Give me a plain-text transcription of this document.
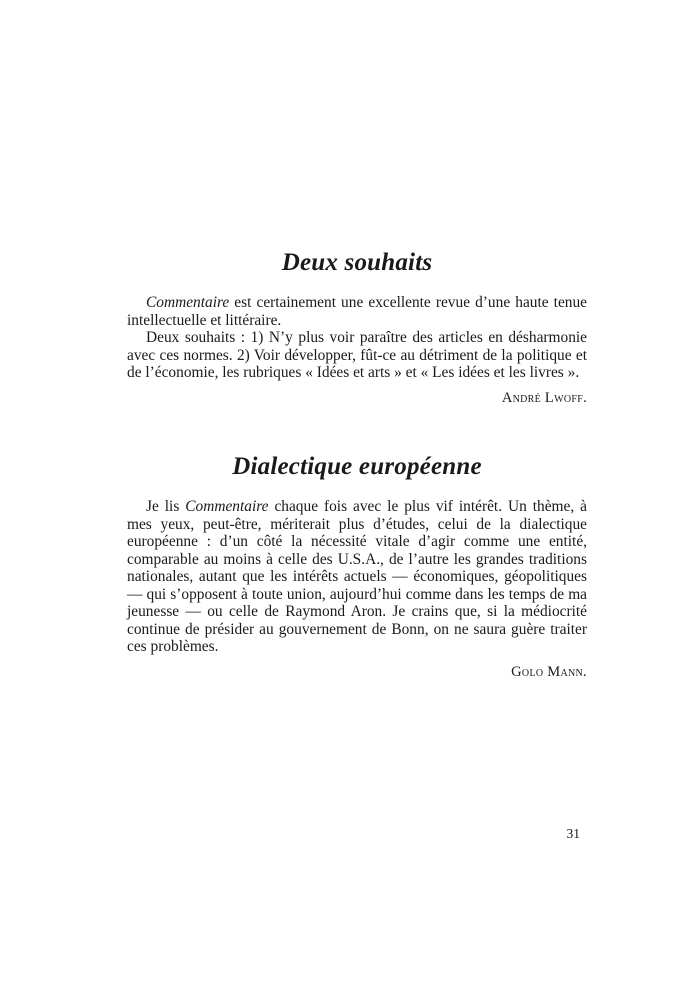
Deux souhaits

Commentaire est certainement une excellente revue d’une haute tenue intellectuelle et littéraire.

Deux souhaits : 1) N’y plus voir paraître des articles en désharmonie avec ces normes. 2) Voir développer, fût-ce au détriment de la politique et de l’économie, les rubriques « Idées et arts » et « Les idées et les livres ».

André Lwoff.
Dialectique européenne

Je lis Commentaire chaque fois avec le plus vif intérêt. Un thème, à mes yeux, peut-être, mériterait plus d’études, celui de la dialectique européenne : d’un côté la nécessité vitale d’agir comme une entité, comparable au moins à celle des U.S.A., de l’autre les grandes traditions nationales, autant que les intérêts actuels — économiques, géopolitiques — qui s’opposent à toute union, aujourd’hui comme dans les temps de ma jeunesse — ou celle de Raymond Aron. Je crains que, si la médiocrité continue de présider au gouvernement de Bonn, on ne saura guère traiter ces problèmes.

Golo Mann.
31
